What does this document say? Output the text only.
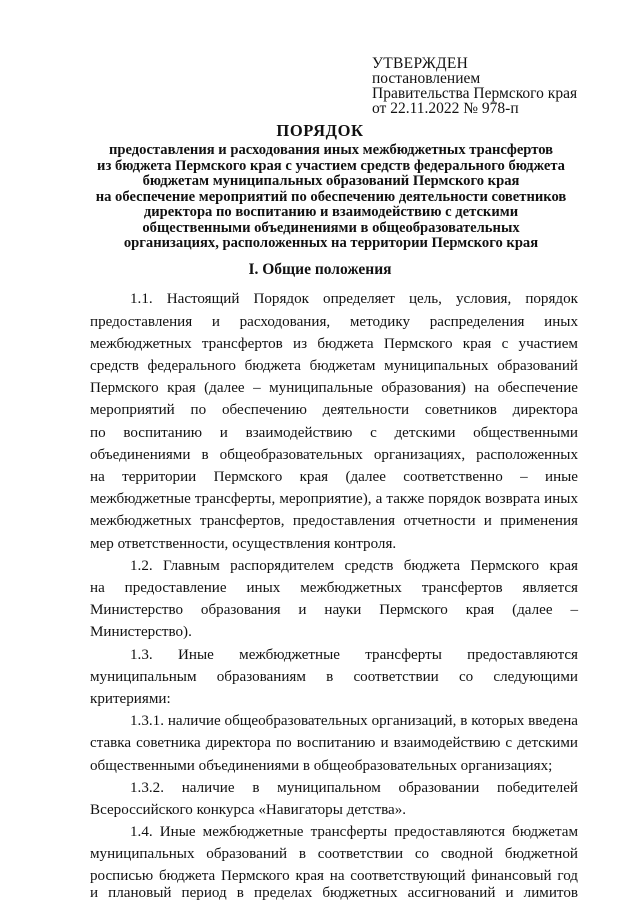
УТВЕРЖДЕН
постановлением
Правительства Пермского края
от 22.11.2022 № 978-п
ПОРЯДОК
предоставления и расходования иных межбюджетных трансфертов
из бюджета Пермского края с участием средств федерального бюджета
бюджетам муниципальных образований Пермского края
на обеспечение мероприятий по обеспечению деятельности советников
директора по воспитанию и взаимодействию с детскими
общественными объединениями в общеобразовательных
организациях, расположенных на территории Пермского края
I. Общие положения
1.1. Настоящий Порядок определяет цель, условия, порядок
предоставления и расходования, методику распределения иных
межбюджетных трансфертов из бюджета Пермского края с участием
средств федерального бюджета бюджетам муниципальных образований
Пермского края (далее – муниципальные образования) на обеспечение
мероприятий по обеспечению деятельности советников директора
по воспитанию и взаимодействию с детскими общественными
объединениями в общеобразовательных организациях, расположенных
на территории Пермского края (далее соответственно – иные
межбюджетные трансферты, мероприятие), а также порядок возврата иных
межбюджетных трансфертов, предоставления отчетности и применения
мер ответственности, осуществления контроля.
1.2. Главным распорядителем средств бюджета Пермского края
на предоставление иных межбюджетных трансфертов является
Министерство образования и науки Пермского края (далее –
Министерство).
1.3. Иные межбюджетные трансферты предоставляются
муниципальным образованиям в соответствии со следующими
критериями:
1.3.1. наличие общеобразовательных организаций, в которых введена
ставка советника директора по воспитанию и взаимодействию с детскими
общественными объединениями в общеобразовательных организациях;
1.3.2. наличие в муниципальном образовании победителей
Всероссийского конкурса «Навигаторы детства».
1.4. Иные межбюджетные трансферты предоставляются бюджетам
муниципальных образований в соответствии со сводной бюджетной
росписью бюджета Пермского края на соответствующий финансовый год
и плановый период в пределах бюджетных ассигнований и лимитов
